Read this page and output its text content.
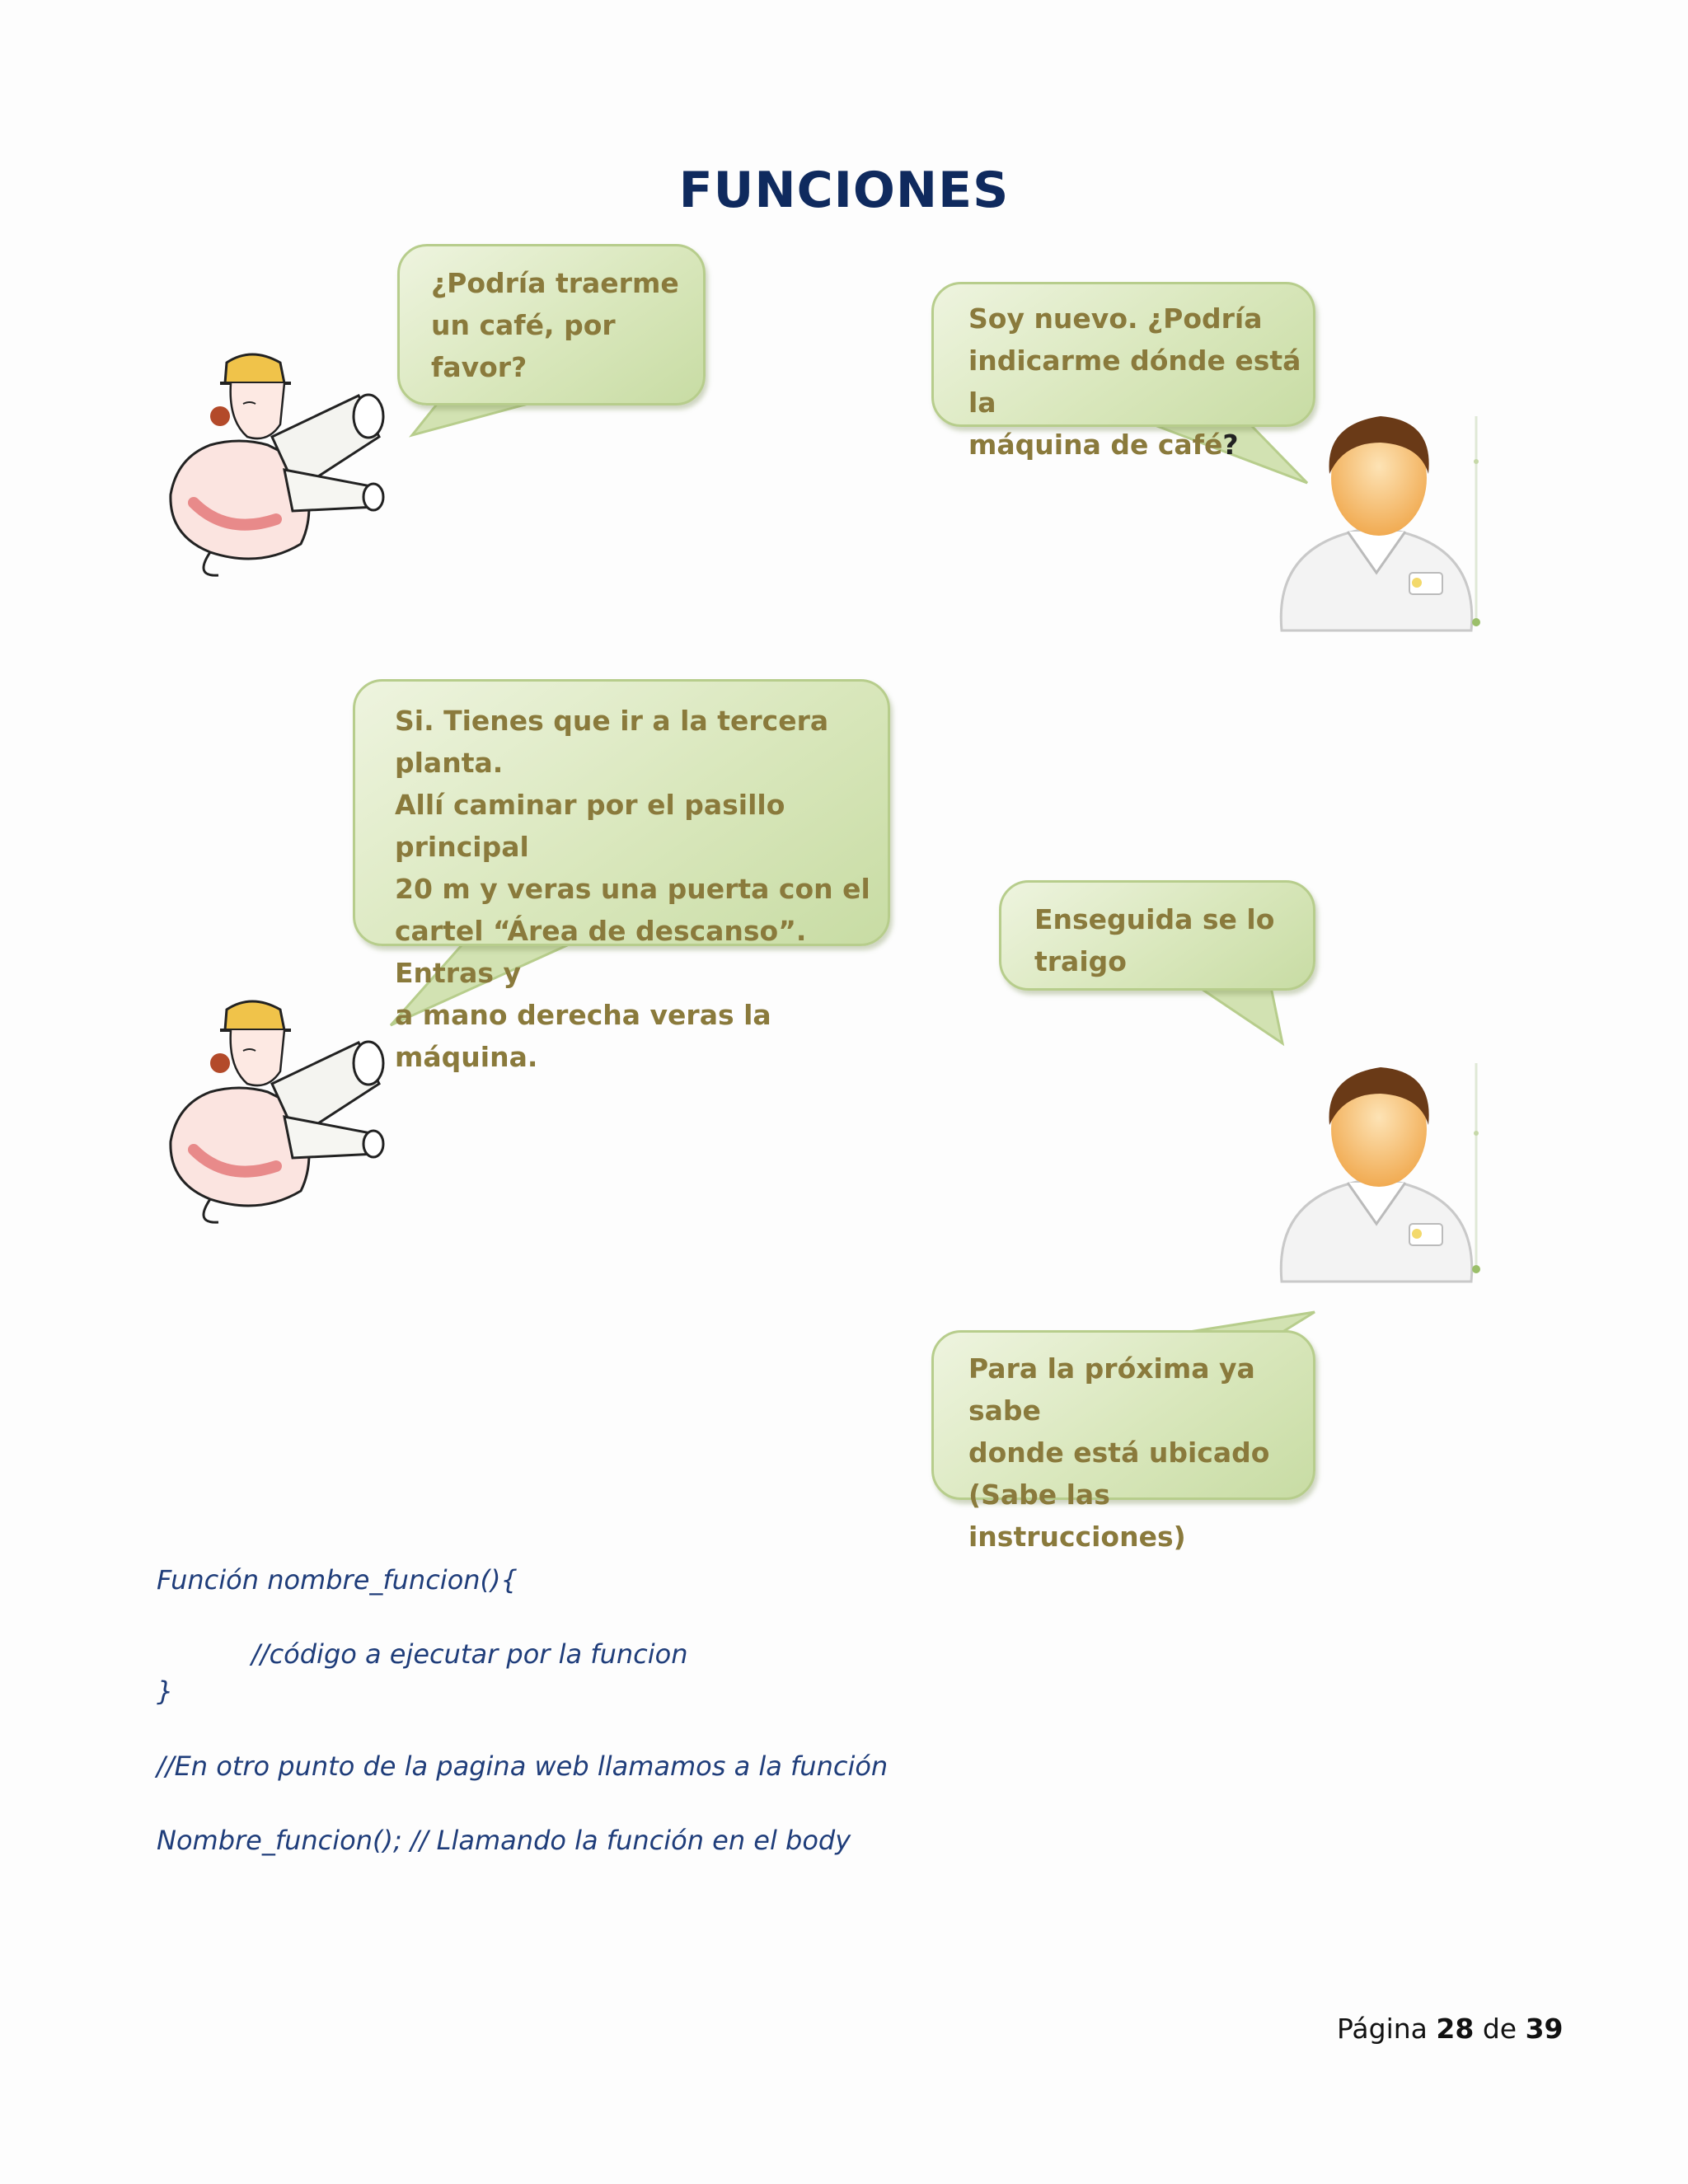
FUNCIONES
¿Podría traerme
un café, por favor?
Soy nuevo. ¿Podría
indicarme dónde está la
máquina de café?
Si. Tienes que ir a la tercera planta.
Allí caminar por el pasillo principal
20 m y veras una puerta con el
cartel “Área de descanso”. Entras y
a mano derecha veras la máquina.
Enseguida se lo
traigo
Para la próxima ya sabe
donde está ubicado
(Sabe las instrucciones)
Función nombre_funcion(){
//código a ejecutar por la funcion
}
//En otro punto de la pagina web llamamos a la función
Nombre_funcion(); // Llamando la función en el body
Página 28 de 39
